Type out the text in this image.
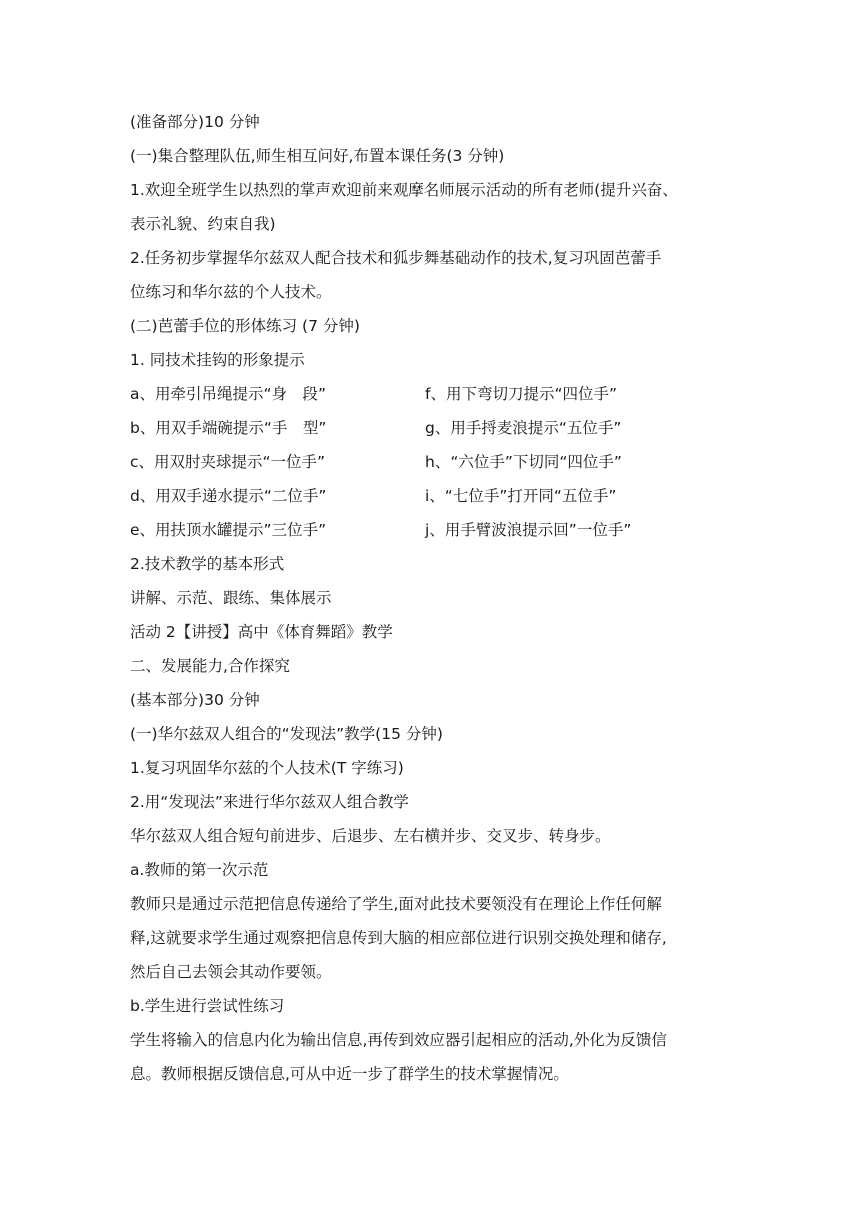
(准备部分)10 分钟
(一)集合整理队伍,师生相互问好,布置本课任务(3 分钟)
1.欢迎全班学生以热烈的掌声欢迎前来观摩名师展示活动的所有老师(提升兴奋、
表示礼貌、约束自我)
2.任务初步掌握华尔兹双人配合技术和狐步舞基础动作的技术,复习巩固芭蕾手
位练习和华尔兹的个人技术。
(二)芭蕾手位的形体练习 (7 分钟)
1. 同技术挂钩的形象提示
a、用牵引吊绳提示“身　段”	f、用下弯切刀提示“四位手”
b、用双手端碗提示“手　型”	g、用手捋麦浪提示“五位手”
c、用双肘夹球提示“一位手”	h、“六位手”下切同“四位手”
d、用双手递水提示“二位手”	i、“七位手”打开同“五位手”
e、用扶顶水罐提示”三位手”	j、用手臂波浪提示回”一位手”
2.技术教学的基本形式
讲解、示范、跟练、集体展示
活动 2【讲授】高中《体育舞蹈》教学
二、发展能力,合作探究
(基本部分)30 分钟
(一)华尔兹双人组合的“发现法”教学(15 分钟)
1.复习巩固华尔兹的个人技术(T 字练习)
2.用“发现法”来进行华尔兹双人组合教学
华尔兹双人组合短句前进步、后退步、左右横并步、交叉步、转身步。
a.教师的第一次示范
教师只是通过示范把信息传递给了学生,面对此技术要领没有在理论上作任何解
释,这就要求学生通过观察把信息传到大脑的相应部位进行识别交换处理和储存,
然后自己去领会其动作要领。
b.学生进行尝试性练习
学生将输入的信息内化为输出信息,再传到效应器引起相应的活动,外化为反馈信
息。教师根据反馈信息,可从中近一步了群学生的技术掌握情况。
